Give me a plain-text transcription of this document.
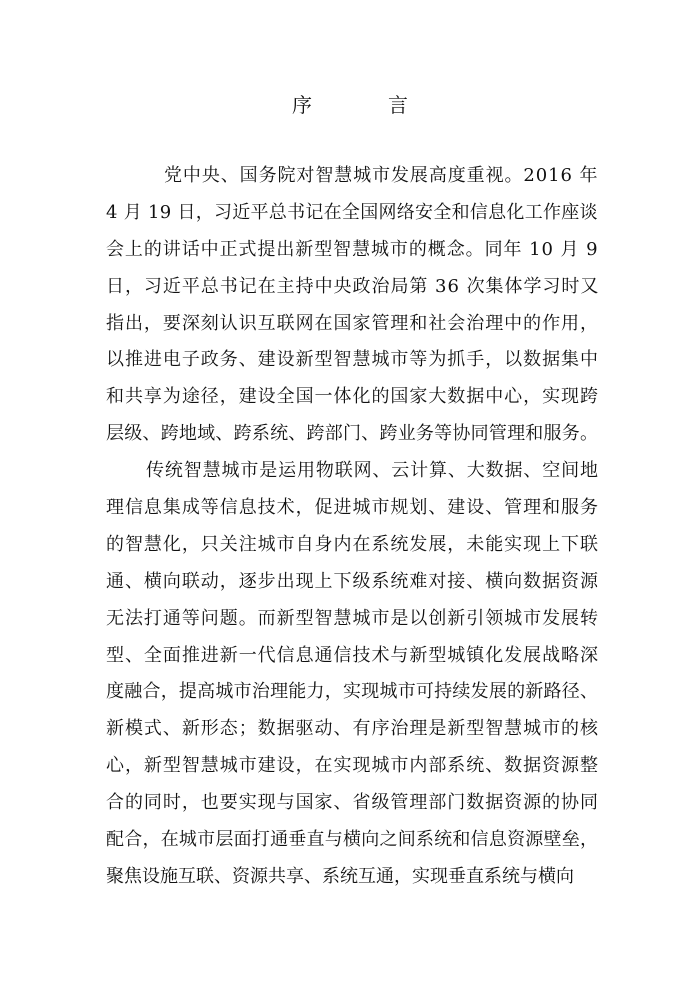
序　言
党中央、国务院对智慧城市发展高度重视。2016 年
4 月 19 日，习近平总书记在全国网络安全和信息化工作座谈
会上的讲话中正式提出新型智慧城市的概念。同年 10 月 9
日，习近平总书记在主持中央政治局第 36 次集体学习时又
指出，要深刻认识互联网在国家管理和社会治理中的作用，
以推进电子政务、建设新型智慧城市等为抓手，以数据集中
和共享为途径，建设全国一体化的国家大数据中心，实现跨
层级、跨地域、跨系统、跨部门、跨业务等协同管理和服务。
传统智慧城市是运用物联网、云计算、大数据、空间地
理信息集成等信息技术，促进城市规划、建设、管理和服务
的智慧化，只关注城市自身内在系统发展，未能实现上下联
通、横向联动，逐步出现上下级系统难对接、横向数据资源
无法打通等问题。而新型智慧城市是以创新引领城市发展转
型、全面推进新一代信息通信技术与新型城镇化发展战略深
度融合，提高城市治理能力，实现城市可持续发展的新路径、
新模式、新形态；数据驱动、有序治理是新型智慧城市的核
心，新型智慧城市建设，在实现城市内部系统、数据资源整
合的同时，也要实现与国家、省级管理部门数据资源的协同
配合，在城市层面打通垂直与横向之间系统和信息资源壁垒，
聚焦设施互联、资源共享、系统互通，实现垂直系统与横向
